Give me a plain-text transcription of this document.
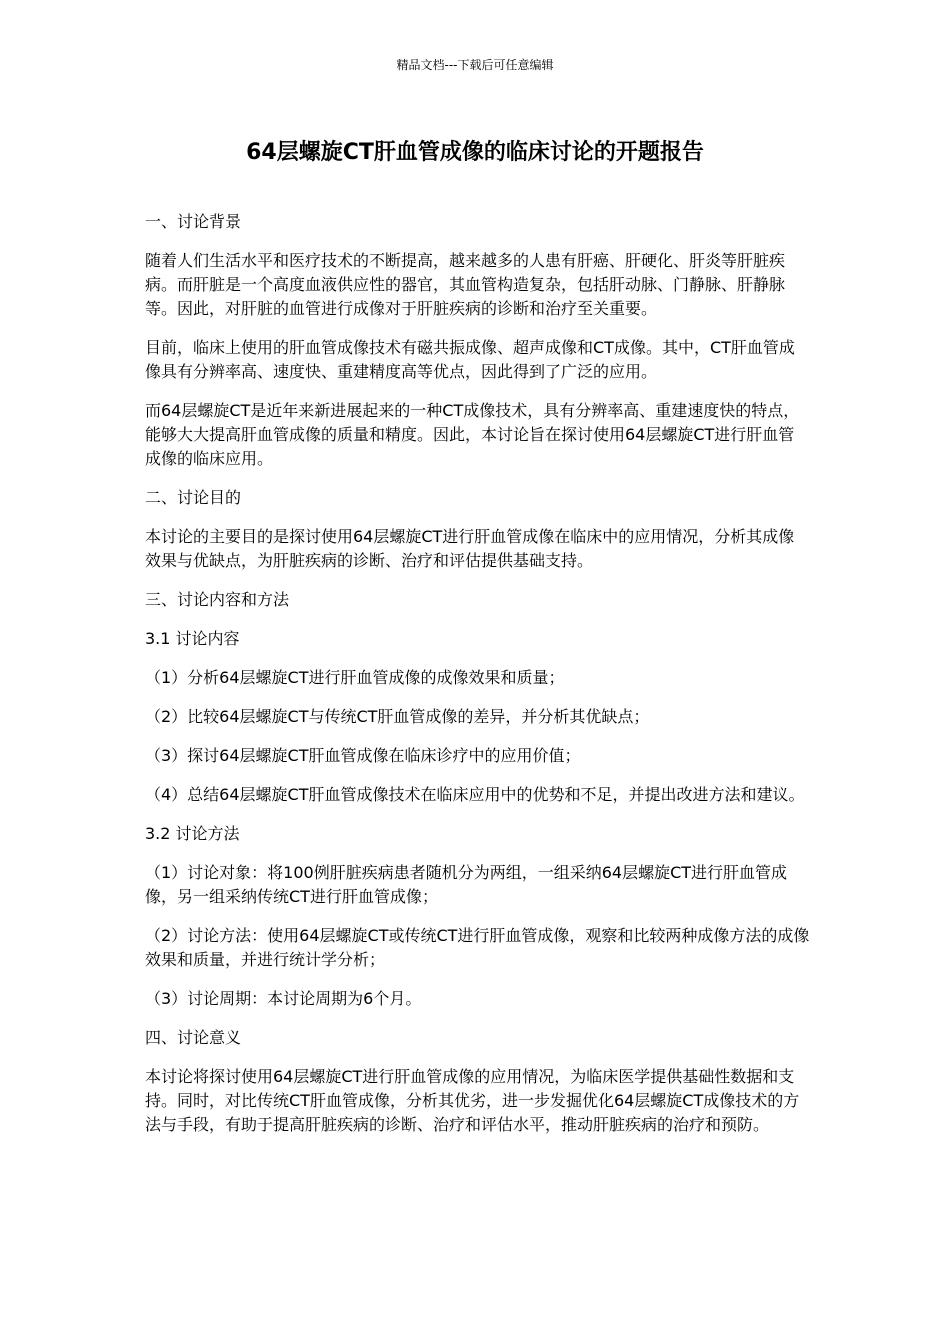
精品文档---下载后可任意编辑
64层螺旋CT肝血管成像的临床讨论的开题报告

一、讨论背景

随着人们生活水平和医疗技术的不断提高，越来越多的人患有肝癌、肝硬化、肝炎等肝脏疾病。而肝脏是一个高度血液供应性的器官，其血管构造复杂，包括肝动脉、门静脉、肝静脉等。因此，对肝脏的血管进行成像对于肝脏疾病的诊断和治疗至关重要。

目前，临床上使用的肝血管成像技术有磁共振成像、超声成像和CT成像。其中，CT肝血管成像具有分辨率高、速度快、重建精度高等优点，因此得到了广泛的应用。

而64层螺旋CT是近年来新进展起来的一种CT成像技术，具有分辨率高、重建速度快的特点，能够大大提高肝血管成像的质量和精度。因此，本讨论旨在探讨使用64层螺旋CT进行肝血管成像的临床应用。

二、讨论目的

本讨论的主要目的是探讨使用64层螺旋CT进行肝血管成像在临床中的应用情况，分析其成像效果与优缺点，为肝脏疾病的诊断、治疗和评估提供基础支持。

三、讨论内容和方法

3.1 讨论内容

（1）分析64层螺旋CT进行肝血管成像的成像效果和质量；

（2）比较64层螺旋CT与传统CT肝血管成像的差异，并分析其优缺点；

（3）探讨64层螺旋CT肝血管成像在临床诊疗中的应用价值；

（4）总结64层螺旋CT肝血管成像技术在临床应用中的优势和不足，并提出改进方法和建议。

3.2 讨论方法

（1）讨论对象：将100例肝脏疾病患者随机分为两组，一组采纳64层螺旋CT进行肝血管成像，另一组采纳传统CT进行肝血管成像；

（2）讨论方法：使用64层螺旋CT或传统CT进行肝血管成像，观察和比较两种成像方法的成像效果和质量，并进行统计学分析；

（3）讨论周期：本讨论周期为6个月。

四、讨论意义

本讨论将探讨使用64层螺旋CT进行肝血管成像的应用情况，为临床医学提供基础性数据和支持。同时，对比传统CT肝血管成像，分析其优劣，进一步发掘优化64层螺旋CT成像技术的方法与手段，有助于提高肝脏疾病的诊断、治疗和评估水平，推动肝脏疾病的治疗和预防。
